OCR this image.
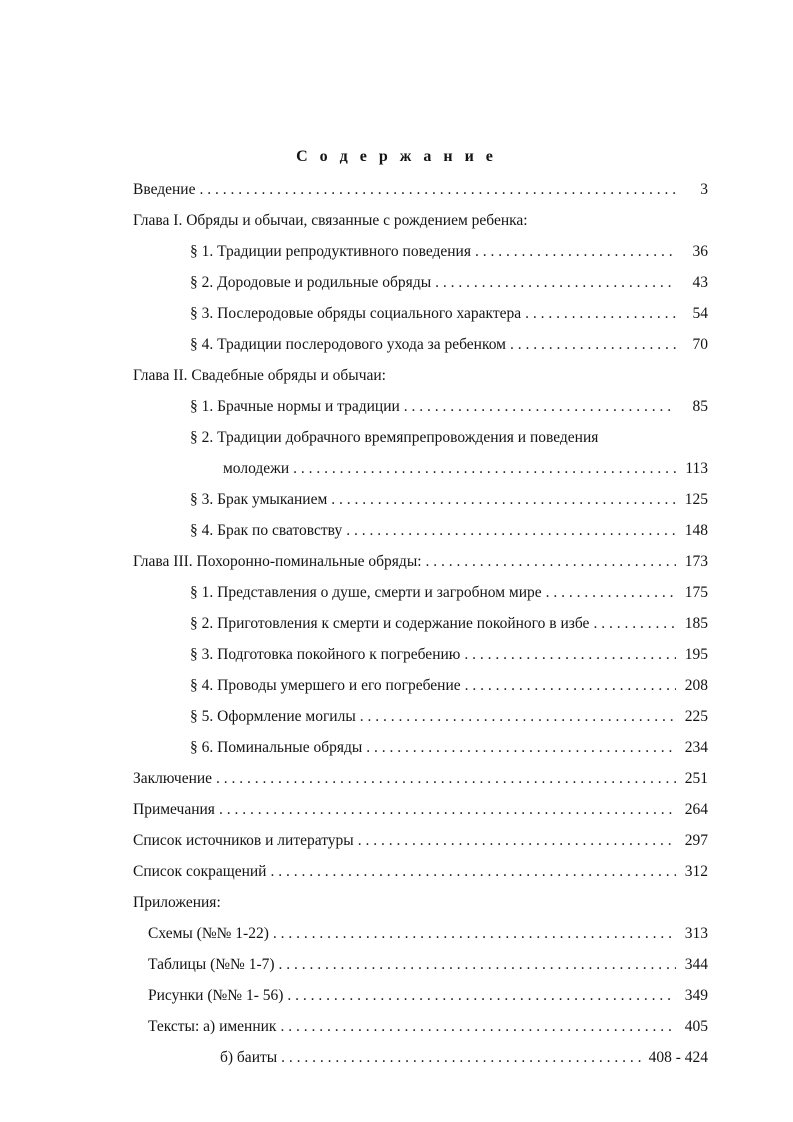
С о д е р ж а н и е
Введение . . .	3
Глава I. Обряды и обычаи, связанные с рождением ребенка:
§ 1. Традиции репродуктивного поведения . . .	36
§ 2. Дородовые и родильные обряды . . .	43
§ 3. Послеродовые обряды социального характера . . .	54
§ 4. Традиции послеродового ухода за ребенком . . .	70
Глава II. Свадебные обряды и обычаи:
§ 1. Брачные нормы и традиции . . .	85
§ 2. Традиции добрачного времяпрепровождения и поведения
молодежи . . .	113
§ 3. Брак умыканием . . .	125
§ 4. Брак по сватовству . . .	148
Глава III. Похоронно-поминальные обряды: . . .	173
§ 1. Представления о душе, смерти и загробном мире . . .	175
§ 2. Приготовления к смерти и содержание покойного в избе . . .	185
§ 3. Подготовка покойного к погребению . . .	195
§ 4. Проводы умершего и его погребение . . .	208
§ 5. Оформление могилы . . .	225
§ 6. Поминальные обряды . . .	234
Заключение . . .	251
Примечания . . .	264
Список источников и литературы . . .	297
Список сокращений . . .	312
Приложения:
Схемы (№№ 1-22) . . .	313
Таблицы (№№ 1-7) . . .	344
Рисунки (№№ 1- 56) . . .	349
Тексты: а) именник . . .	405
б) баиты . . .	408 - 424
